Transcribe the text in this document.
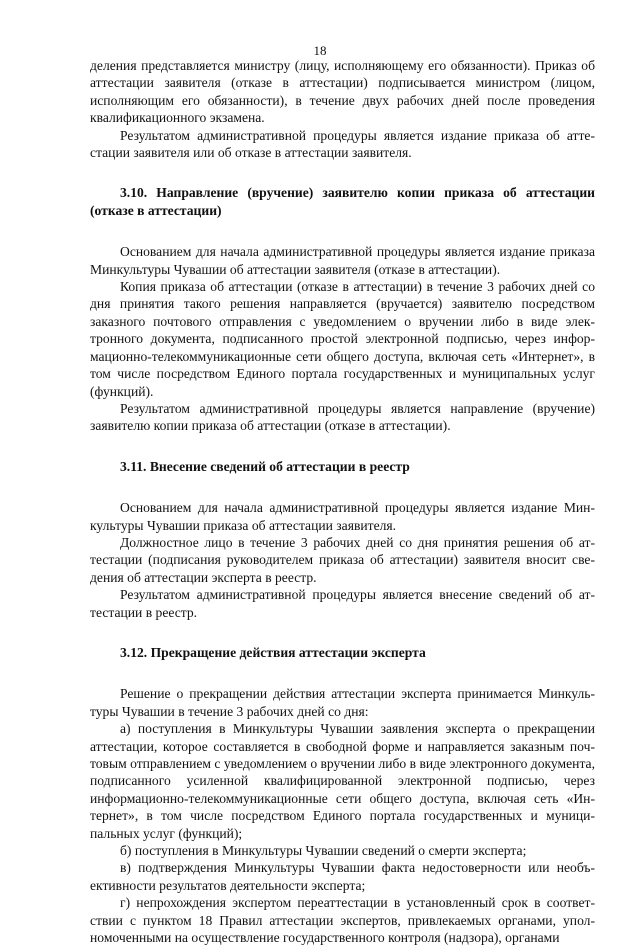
18

деления представляется министру (лицу, исполняющему его обязанности). Приказ об аттестации заявителя (отказе в аттестации) подписывается министром (лицом, исполняющим его обязанности), в течение двух рабочих дней после проведения квалификационного экзамена.

Результатом административной процедуры является издание приказа об аттестации заявителя или об отказе в аттестации заявителя.

3.10. Направление (вручение) заявителю копии приказа об аттестации (отказе в аттестации)

Основанием для начала административной процедуры является издание приказа Минкультуры Чувашии об аттестации заявителя (отказе в аттестации).

Копия приказа об аттестации (отказе в аттестации) в течение 3 рабочих дней со дня принятия такого решения направляется (вручается) заявителю посредством заказного почтового отправления с уведомлением о вручении либо в виде электронного документа, подписанного простой электронной подписью, через информационно-телекоммуникационные сети общего доступа, включая сеть «Интернет», в том числе посредством Единого портала государственных и муниципальных услуг (функций).

Результатом административной процедуры является направление (вручение) заявителю копии приказа об аттестации (отказе в аттестации).

3.11. Внесение сведений об аттестации в реестр

Основанием для начала административной процедуры является издание Минкультуры Чувашии приказа об аттестации заявителя.

Должностное лицо в течение 3 рабочих дней со дня принятия решения об аттестации (подписания руководителем приказа об аттестации) заявителя вносит сведения об аттестации эксперта в реестр.

Результатом административной процедуры является внесение сведений об аттестации в реестр.

3.12. Прекращение действия аттестации эксперта

Решение о прекращении действия аттестации эксперта принимается Минкультуры Чувашии в течение 3 рабочих дней со дня:

а) поступления в Минкультуры Чувашии заявления эксперта о прекращении аттестации, которое составляется в свободной форме и направляется заказным почтовым отправлением с уведомлением о вручении либо в виде электронного документа, подписанного усиленной квалифицированной электронной подписью, через информационно-телекоммуникационные сети общего доступа, включая сеть «Интернет», в том числе посредством Единого портала государственных и муниципальных услуг (функций);

б) поступления в Минкультуры Чувашии сведений о смерти эксперта;

в) подтверждения Минкультуры Чувашии факта недостоверности или необъективности результатов деятельности эксперта;

г) непрохождения экспертом переаттестации в установленный срок в соответствии с пунктом 18 Правил аттестации экспертов, привлекаемых органами, уполномоченными на осуществление государственного контроля (надзора), органами
